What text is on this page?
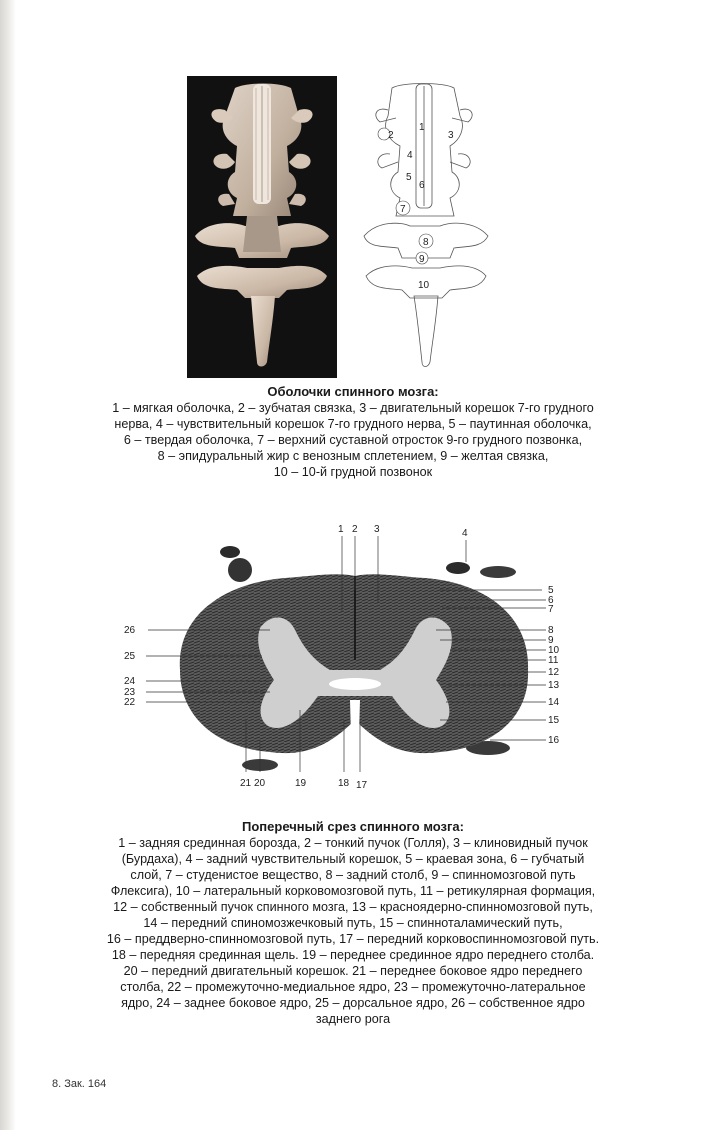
2
1
3
4
5
6
7
8
9
10
Оболочки спинного мозга:
1 – мягкая оболочка, 2 – зубчатая связка, 3 – двигательный корешок 7-го грудного
нерва, 4 – чувствительный корешок 7-го грудного нерва, 5 – паутинная оболочка,
6 – твердая оболочка, 7 – верхний суставной отросток 9-го грудного позвонка,
8 – эпидуральный жир с венозным сплетением, 9 – желтая связка,
10 – 10-й грудной позвонок
1 2 3	4
5
6
7
8
9
10
11
12
13
14
15
16
26
25
24
23
22
21 20	19	18 17
Поперечный срез спинного мозга:
1 – задняя срединная борозда, 2 – тонкий пучок (Голля), 3 – клиновидный пучок
(Бурдаха), 4 – задний чувствительный корешок, 5 – краевая зона, 6 – губчатый
слой, 7 – студенистое вещество, 8 – задний столб, 9 – спинномозговой путь
Флексига), 10 – латеральный корковомозговой путь, 11 – ретикулярная формация,
12 – собственный пучок спинного мозга, 13 – красноядерно-спинномозговой путь,
14 – передний спиномозжечковый путь, 15 – спинноталамический путь,
16 – преддверно-спинномозговой путь, 17 – передний корковоспинномозговой путь.
18 – передняя срединная щель. 19 – переднее срединное ядро переднего столба.
20 – передний двигательный корешок. 21 – переднее боковое ядро переднего
столба, 22 – промежуточно-медиальное ядро, 23 – промежуточно-латеральное
ядро, 24 – заднее боковое ядро, 25 – дорсальное ядро, 26 – собственное ядро
заднего рога
8. Зак. 164
